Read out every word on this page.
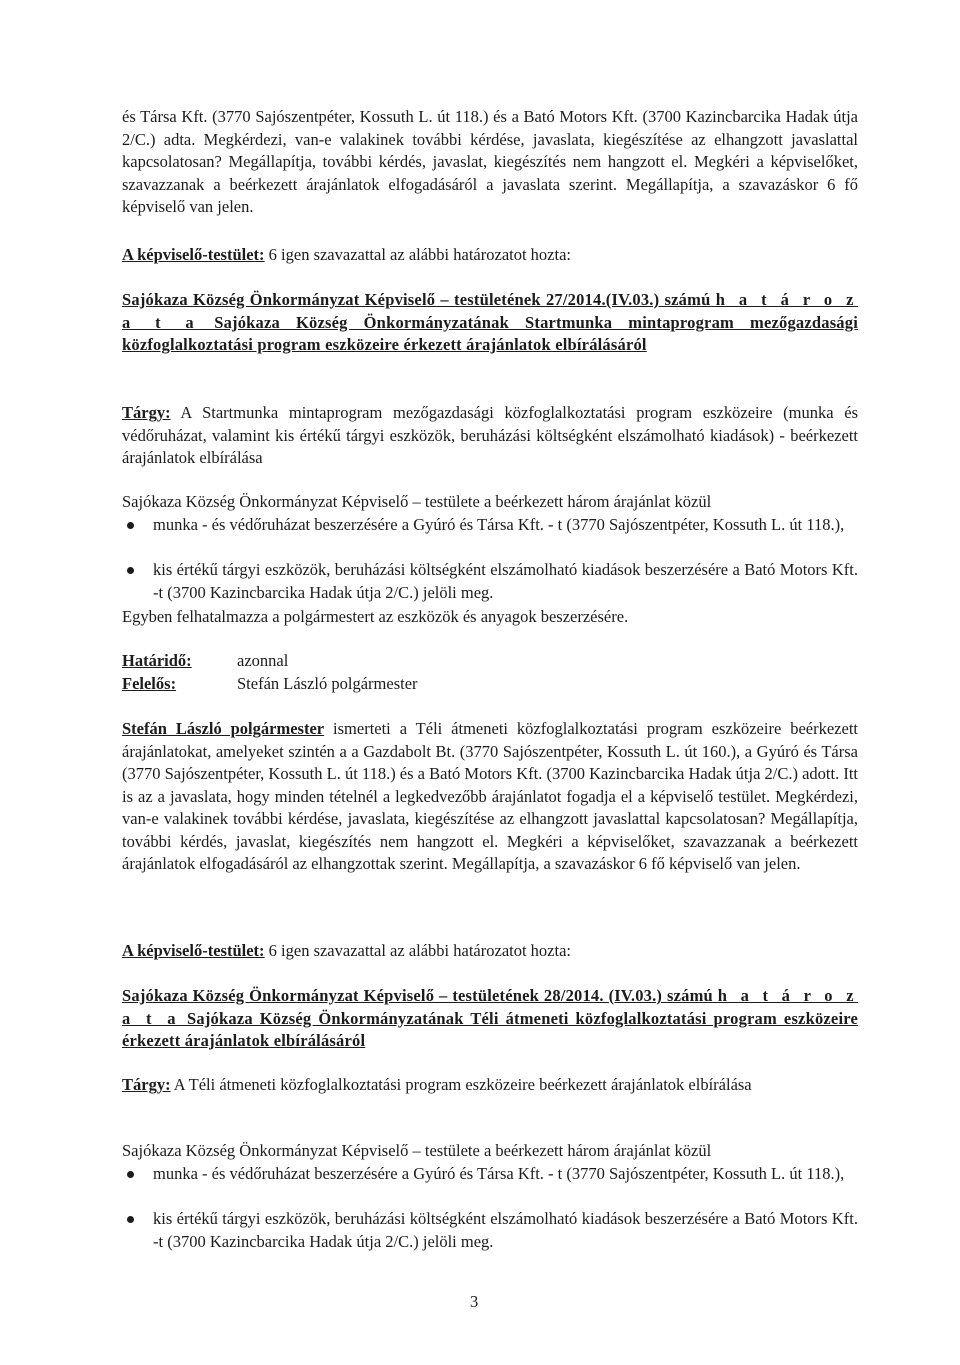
és Társa Kft. (3770 Sajószentpéter, Kossuth L. út 118.) és a Bató Motors Kft. (3700 Kazincbarcika Hadak útja 2/C.) adta. Megkérdezi, van-e valakinek további kérdése, javaslata, kiegészítése az elhangzott javaslattal kapcsolatosan? Megállapítja, további kérdés, javaslat, kiegészítés nem hangzott el. Megkéri a képviselőket, szavazzanak a beérkezett árajánlatok elfogadásáról a javaslata szerint. Megállapítja, a szavazáskor 6 fő képviselő van jelen.
A képviselő-testület: 6 igen szavazattal az alábbi határozatot hozta:
Sajókaza Község Önkormányzat Képviselő – testületének 27/2014.(IV.03.) számú h a t á r o z a t a Sajókaza Község Önkormányzatának Startmunka mintaprogram mezőgazdasági közfoglalkoztatási program eszközeire érkezett árajánlatok elbírálásáról
Tárgy: A Startmunka mintaprogram mezőgazdasági közfoglalkoztatási program eszközeire (munka és védőruházat, valamint kis értékű tárgyi eszközök, beruházási költségként elszámolható kiadások) - beérkezett árajánlatok elbírálása
Sajókaza Község Önkormányzat Képviselő – testülete a beérkezett három árajánlat közül
munka - és védőruházat beszerzésére a Gyúró és Társa Kft. - t (3770 Sajószentpéter, Kossuth L. út 118.),
kis értékű tárgyi eszközök, beruházási költségként elszámolható kiadások beszerzésére a Bató Motors Kft. -t (3700 Kazincbarcika Hadak útja 2/C.) jelöli meg.
Egyben felhatalmazza a polgármestert az eszközök és anyagok beszerzésére.
Határidő:	azonnal
Felelős:	Stefán László polgármester
Stefán László polgármester ismerteti a Téli átmeneti közfoglalkoztatási program eszközeire beérkezett árajánlatokat, amelyeket szintén a a Gazdabolt Bt. (3770 Sajószentpéter, Kossuth L. út 160.), a Gyúró és Társa (3770 Sajószentpéter, Kossuth L. út 118.) és a Bató Motors Kft. (3700 Kazincbarcika Hadak útja 2/C.) adott. Itt is az a javaslata, hogy minden tételnél a legkedvezőbb árajánlatot fogadja el a képviselő testület. Megkérdezi, van-e valakinek további kérdése, javaslata, kiegészítése az elhangzott javaslattal kapcsolatosan? Megállapítja, további kérdés, javaslat, kiegészítés nem hangzott el. Megkéri a képviselőket, szavazzanak a beérkezett árajánlatok elfogadásáról az elhangzottak szerint. Megállapítja, a szavazáskor 6 fő képviselő van jelen.
A képviselő-testület: 6 igen szavazattal az alábbi határozatot hozta:
Sajókaza Község Önkormányzat Képviselő – testületének 28/2014. (IV.03.) számú h a t á r o z a t a Sajókaza Község Önkormányzatának Téli átmeneti közfoglalkoztatási program eszközeire érkezett árajánlatok elbírálásáról
Tárgy: A Téli átmeneti közfoglalkoztatási program eszközeire beérkezett árajánlatok elbírálása
Sajókaza Község Önkormányzat Képviselő – testülete a beérkezett három árajánlat közül
munka - és védőruházat beszerzésére a Gyúró és Társa Kft. - t (3770 Sajószentpéter, Kossuth L. út 118.),
kis értékű tárgyi eszközök, beruházási költségként elszámolható kiadások beszerzésére a Bató Motors Kft. -t (3700 Kazincbarcika Hadak útja 2/C.) jelöli meg.
3
